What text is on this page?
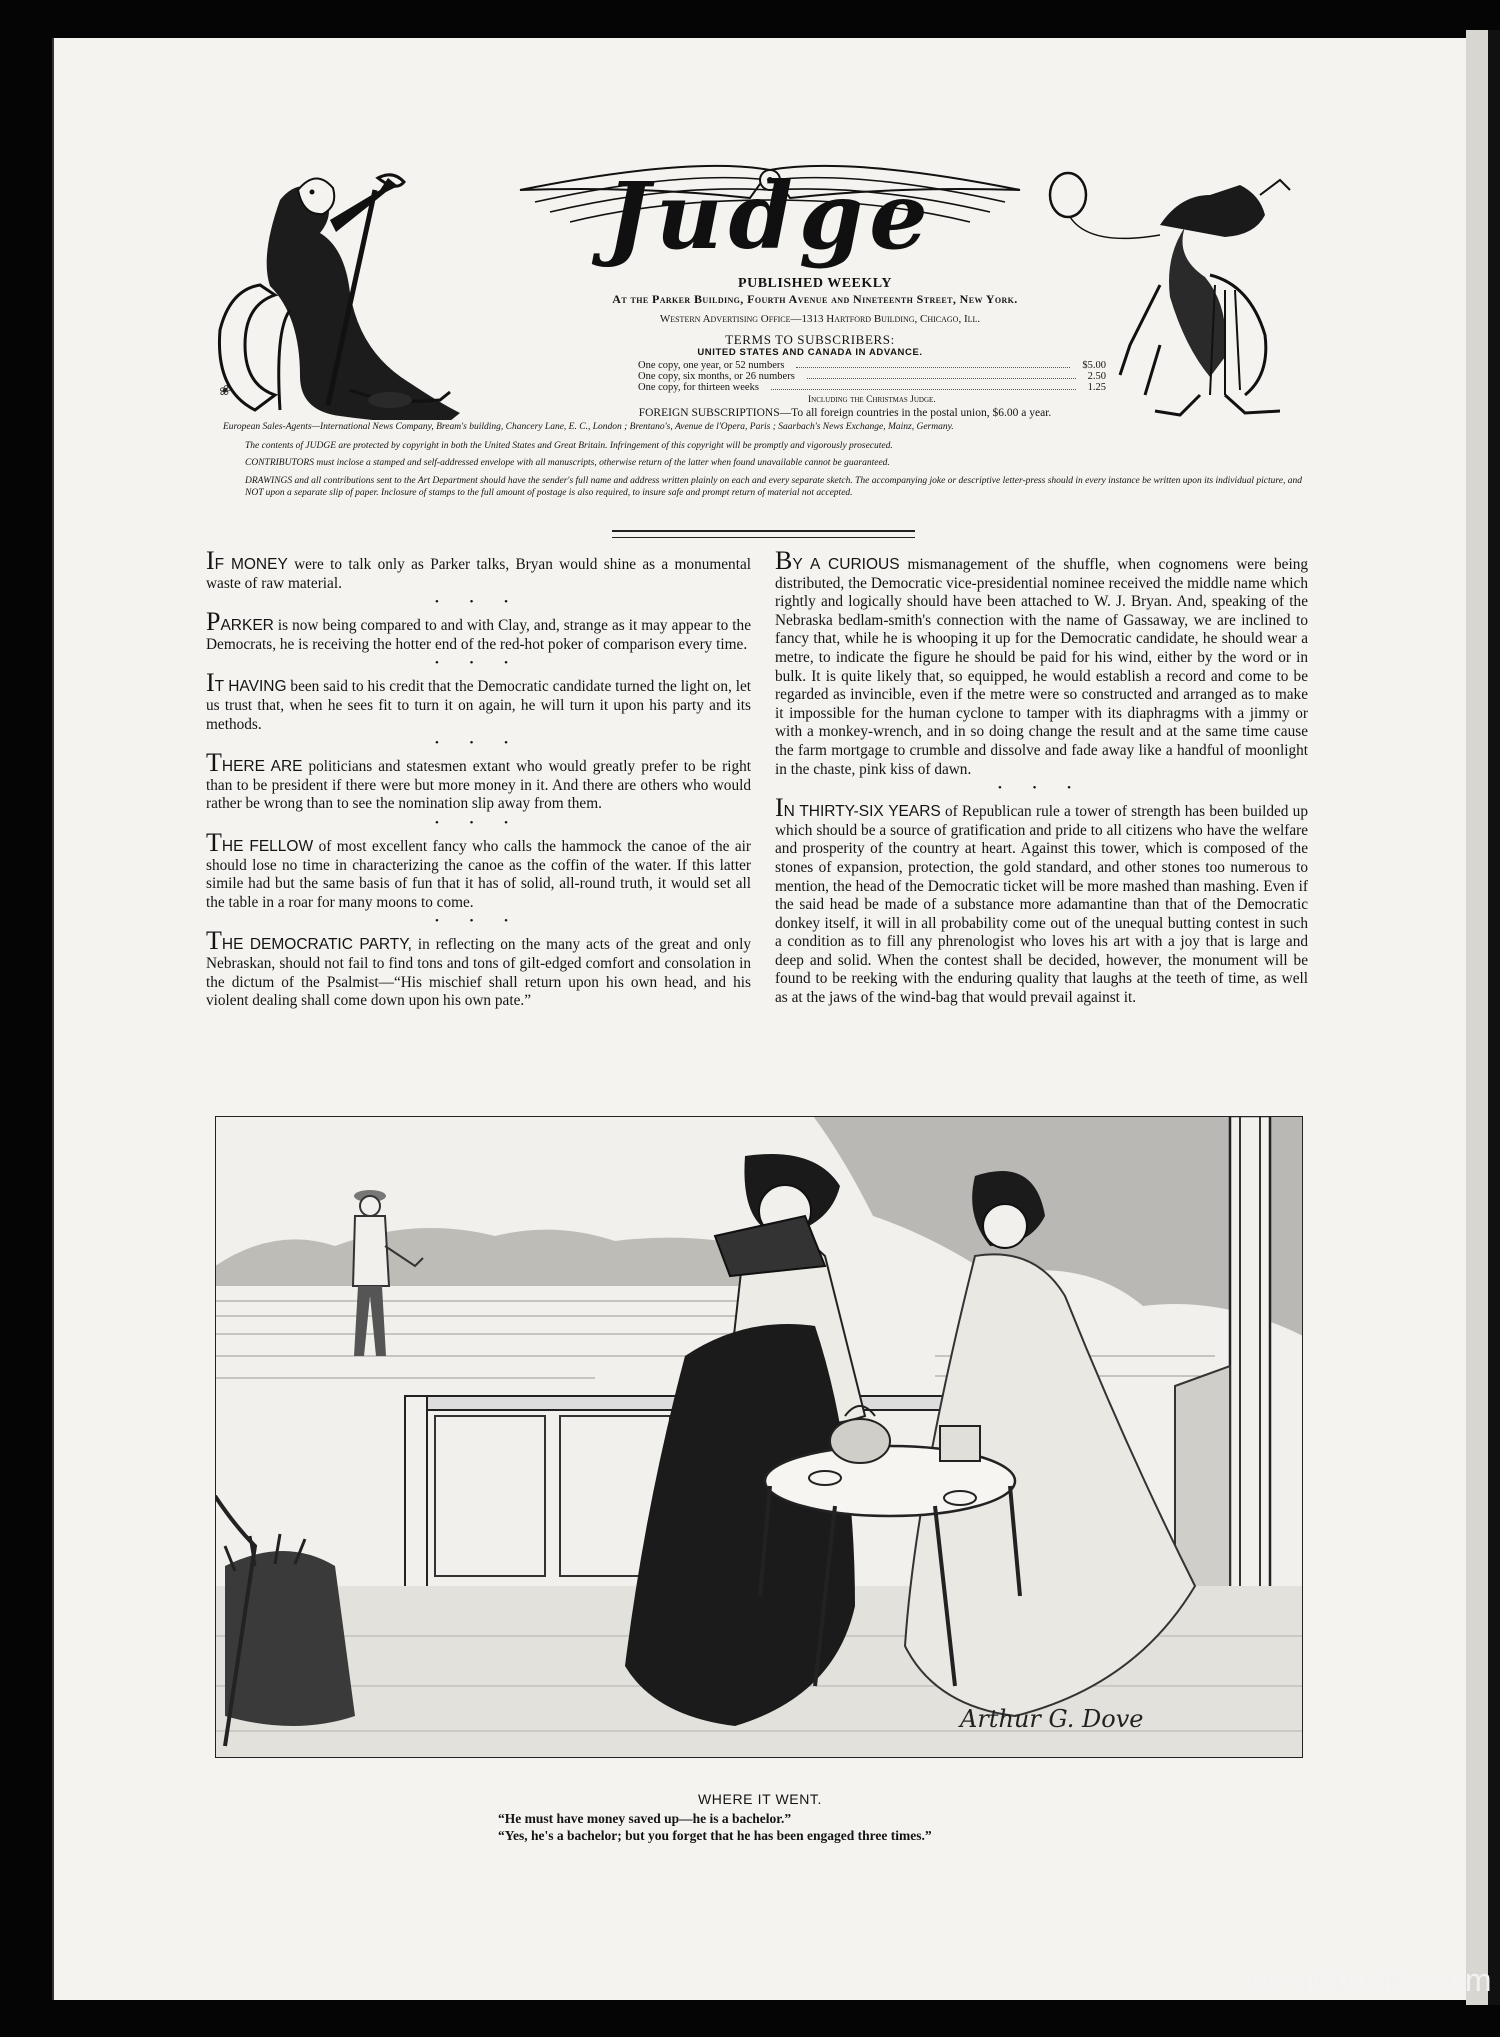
❀
Judge
PUBLISHED WEEKLY
At the Parker Building, Fourth Avenue and Nineteenth Street, New York.
Western Advertising Office—1313 Hartford Building, Chicago, Ill.
TERMS TO SUBSCRIBERS:
UNITED STATES AND CANADA IN ADVANCE.
One copy, one year, or 52 numbers	$5.00
One copy, six months, or 26 numbers	2.50
One copy, for thirteen weeks	1.25
Including the Christmas Judge.
FOREIGN SUBSCRIPTIONS—To all foreign countries in the postal union, $6.00 a year.
European Sales-Agents—International News Company, Bream's building, Chancery Lane, E. C., London ; Brentano's, Avenue de l'Opera, Paris ; Saarbach's News Exchange, Mainz, Germany.
The contents of JUDGE are protected by copyright in both the United States and Great Britain. Infringement of this copyright will be promptly and vigorously prosecuted.
CONTRIBUTORS must inclose a stamped and self-addressed envelope with all manuscripts, otherwise return of the latter when found unavailable cannot be guaranteed.
DRAWINGS and all contributions sent to the Art Department should have the sender's full name and address written plainly on each and every separate sketch. The accompanying joke or descriptive letter-press should in every instance be written upon its individual picture, and NOT upon a separate slip of paper. Inclosure of stamps to the full amount of postage is also required, to insure safe and prompt return of material not accepted.

IF MONEY were to talk only as Parker talks, Bryan would shine as a monumental waste of raw material.

• • •

PARKER is now being compared to and with Clay, and, strange as it may appear to the Democrats, he is receiving the hotter end of the red-hot poker of comparison every time.

• • •

IT HAVING been said to his credit that the Democratic candidate turned the light on, let us trust that, when he sees fit to turn it on again, he will turn it upon his party and its methods.

• • •

THERE ARE politicians and statesmen extant who would greatly prefer to be right than to be president if there were but more money in it. And there are others who would rather be wrong than to see the nomination slip away from them.

• • •

THE FELLOW of most excellent fancy who calls the hammock the canoe of the air should lose no time in characterizing the canoe as the coffin of the water. If this latter simile had but the same basis of fun that it has of solid, all-round truth, it would set all the table in a roar for many moons to come.

• • •

THE DEMOCRATIC PARTY, in reflecting on the many acts of the great and only Nebraskan, should not fail to find tons and tons of gilt-edged comfort and consolation in the dictum of the Psalmist—“His mischief shall return upon his own head, and his violent dealing shall come down upon his own pate.”

BY A CURIOUS mismanagement of the shuffle, when cognomens were being distributed, the Democratic vice-presidential nominee received the middle name which rightly and logically should have been attached to W. J. Bryan. And, speaking of the Nebraska bedlam-smith's connection with the name of Gassaway, we are inclined to fancy that, while he is whooping it up for the Democratic candidate, he should wear a metre, to indicate the figure he should be paid for his wind, either by the word or in bulk. It is quite likely that, so equipped, he would establish a record and come to be regarded as invincible, even if the metre were so constructed and arranged as to make it impossible for the human cyclone to tamper with its diaphragms with a jimmy or with a monkey-wrench, and in so doing change the result and at the same time cause the farm mortgage to crumble and dissolve and fade away like a handful of moonlight in the chaste, pink kiss of dawn.

• • •

IN THIRTY-SIX YEARS of Republican rule a tower of strength has been builded up which should be a source of gratification and pride to all citizens who have the welfare and prosperity of the country at heart. Against this tower, which is composed of the stones of expansion, protection, the gold standard, and other stones too numerous to mention, the head of the Democratic ticket will be more mashed than mashing. Even if the said head be made of a substance more adamantine than that of the Democratic donkey itself, it will in all probability come out of the unequal butting contest in such a condition as to fill any phrenologist who loves his art with a joy that is large and deep and solid. When the contest shall be decided, however, the monument will be found to be reeking with the enduring quality that laughs at the teeth of time, as well as at the jaws of the wind-bag that would prevail against it.

Arthur G. Dove
WHERE IT WENT.
“He must have money saved up—he is a bachelor.”
“Yes, he's a bachelor; but you forget that he has been engaged three times.”
comicbooks.com
